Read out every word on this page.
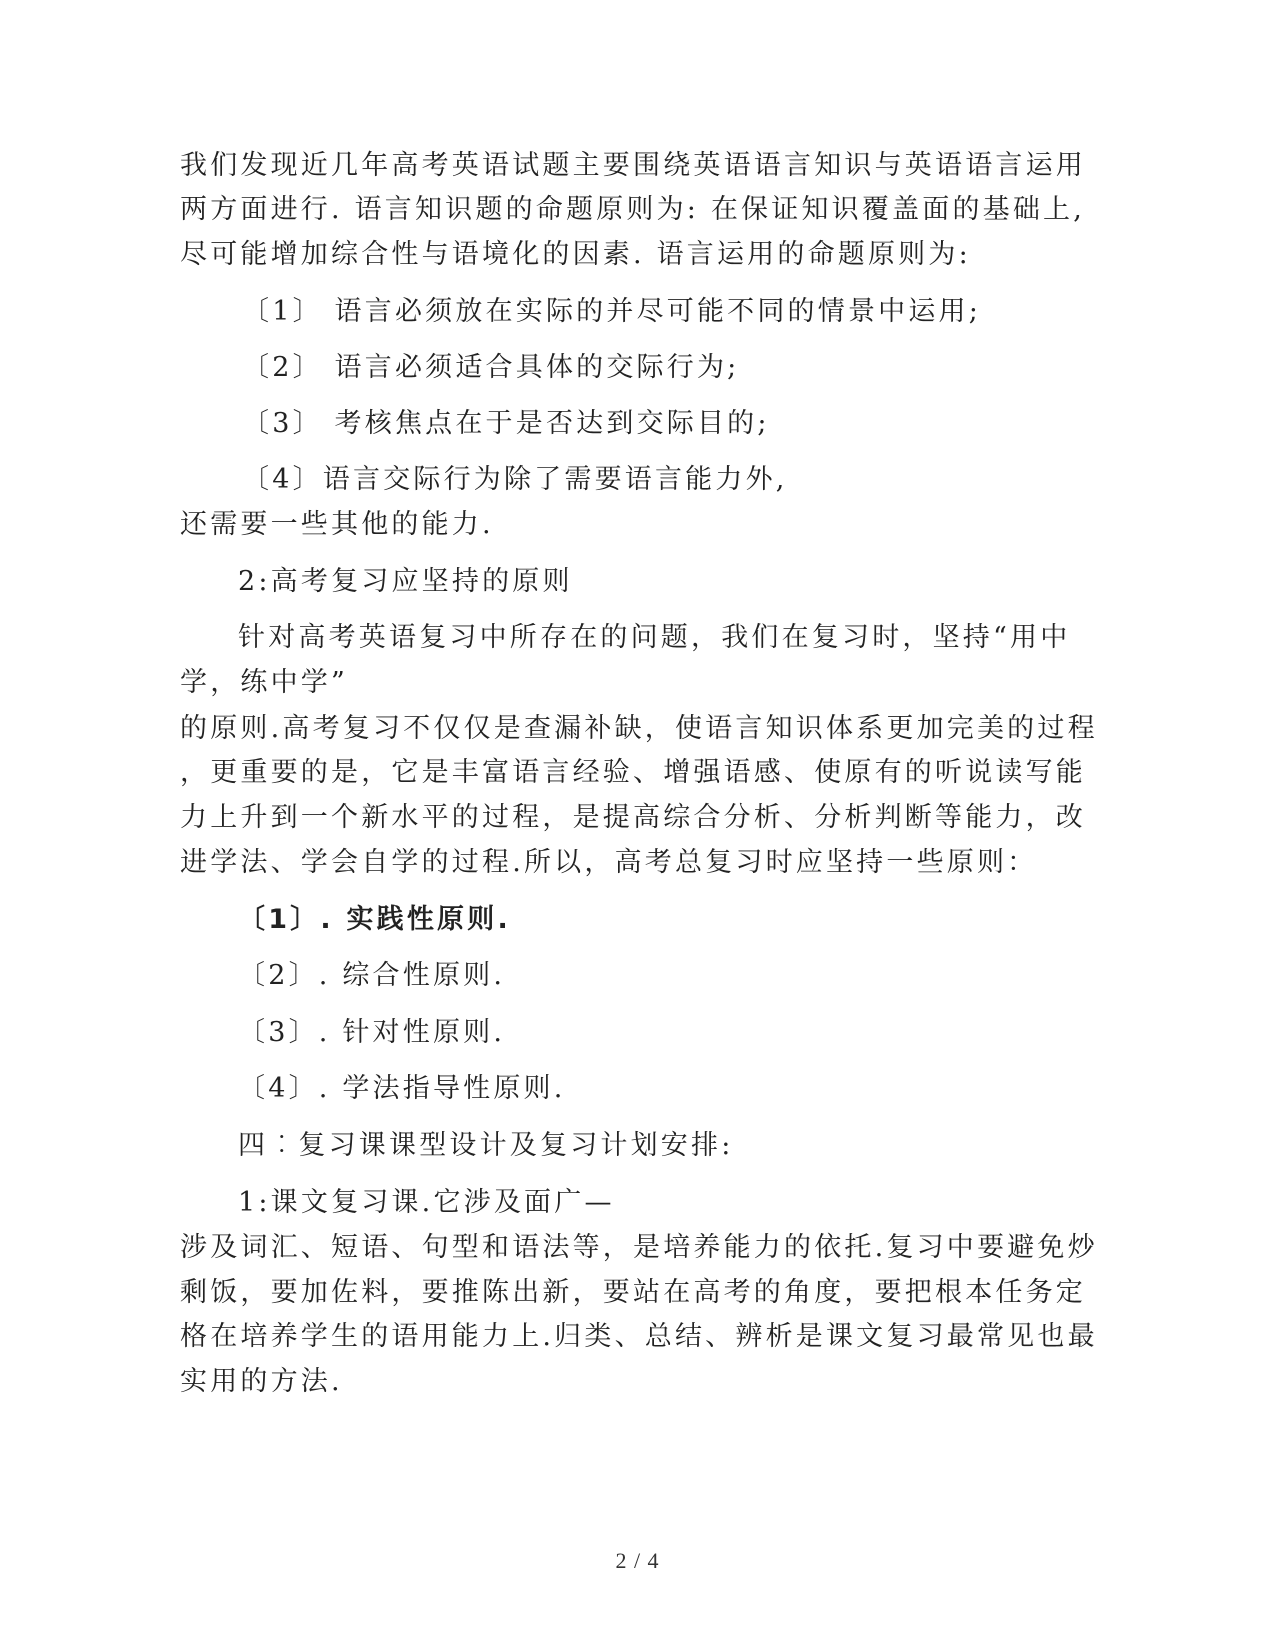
我们发现近几年高考英语试题主要围绕英语语言知识与英语语言运用
两方面进行. 语言知识题的命题原则为: 在保证知识覆盖面的基础上,
尽可能增加综合性与语境化的因素. 语言运用的命题原则为:
〔1〕 语言必须放在实际的并尽可能不同的情景中运用;
〔2〕 语言必须适合具体的交际行为;
〔3〕 考核焦点在于是否达到交际目的;
〔4〕语言交际行为除了需要语言能力外,
还需要一些其他的能力.
2:高考复习应坚持的原则
针对高考英语复习中所存在的问题，我们在复习时，坚持“用中
学，练中学”
的原则.高考复习不仅仅是查漏补缺，使语言知识体系更加完美的过程
，更重要的是，它是丰富语言经验、增强语感、使原有的听说读写能
力上升到一个新水平的过程，是提高综合分析、分析判断等能力，改
进学法、学会自学的过程.所以，高考总复习时应坚持一些原则：
〔1〕. 实践性原则.
〔2〕. 综合性原则.
〔3〕. 针对性原则.
〔4〕. 学法指导性原则.
四︰复习课课型设计及复习计划安排:
1:课文复习课.它涉及面广—
涉及词汇、短语、句型和语法等，是培养能力的依托.复习中要避免炒
剩饭，要加佐料，要推陈出新，要站在高考的角度，要把根本任务定
格在培养学生的语用能力上.归类、总结、辨析是课文复习最常见也最
实用的方法.
2 / 4
